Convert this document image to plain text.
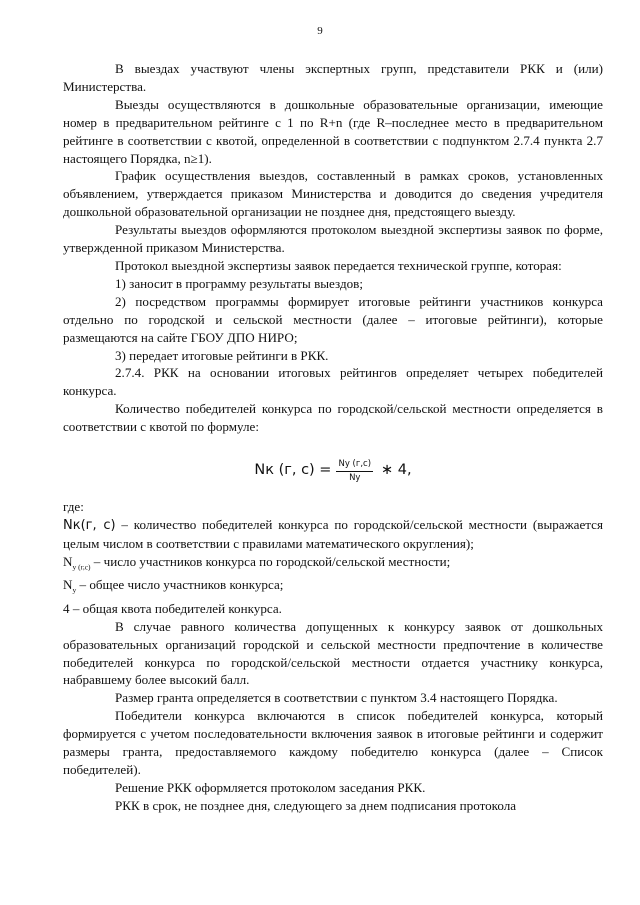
9

В выездах участвуют члены экспертных групп, представители РКК и (или) Министерства.

Выезды осуществляются в дошкольные образовательные организации, имеющие номер в предварительном рейтинге с 1 по R+n (где R–последнее место в предварительном рейтинге в соответствии с квотой, определенной в соответствии с подпунктом 2.7.4 пункта 2.7 настоящего Порядка, n≥1).

График осуществления выездов, составленный в рамках сроков, установленных объявлением, утверждается приказом Министерства и доводится до сведения учредителя дошкольной образовательной организации не позднее дня, предстоящего выезду.

Результаты выездов оформляются протоколом выездной экспертизы заявок по форме, утвержденной приказом Министерства.

Протокол выездной экспертизы заявок передается технической группе, которая:

1) заносит в программу результаты выездов;

2) посредством программы формирует итоговые рейтинги участников конкурса отдельно по городской и сельской местности (далее – итоговые рейтинги), которые размещаются на сайте ГБОУ ДПО НИРО;

3) передает итоговые рейтинги в РКК.

2.7.4. РКК на основании итоговых рейтингов определяет четырех победителей конкурса.

Количество победителей конкурса по городской/сельской местности определяется в соответствии с квотой по формуле:

Nк (г, $с) = \frac{Nу (г,с)}{Nу}$ ∗ 4,

где:

Nк(г, с) – количество победителей конкурса по городской/сельской местности (выражается целым числом в соответствии с правилами математического округления);

$N_{у (г,с)}$ – число участников конкурса по городской/сельской местности;

$N_у$ – общее число участников конкурса;

4 – общая квота победителей конкурса.

В случае равного количества допущенных к конкурсу заявок от дошкольных образовательных организаций городской и сельской местности предпочтение в количестве победителей конкурса по городской/сельской местности отдается участнику конкурса, набравшему более высокий балл.

Размер гранта определяется в соответствии с пунктом 3.4 настоящего Порядка.

Победители конкурса включаются в список победителей конкурса, который формируется с учетом последовательности включения заявок в итоговые рейтинги и содержит размеры гранта, предоставляемого каждому победителю конкурса (далее – Список победителей).

Решение РКК оформляется протоколом заседания РКК.

РКК в срок, не позднее дня, следующего за днем подписания протокола
